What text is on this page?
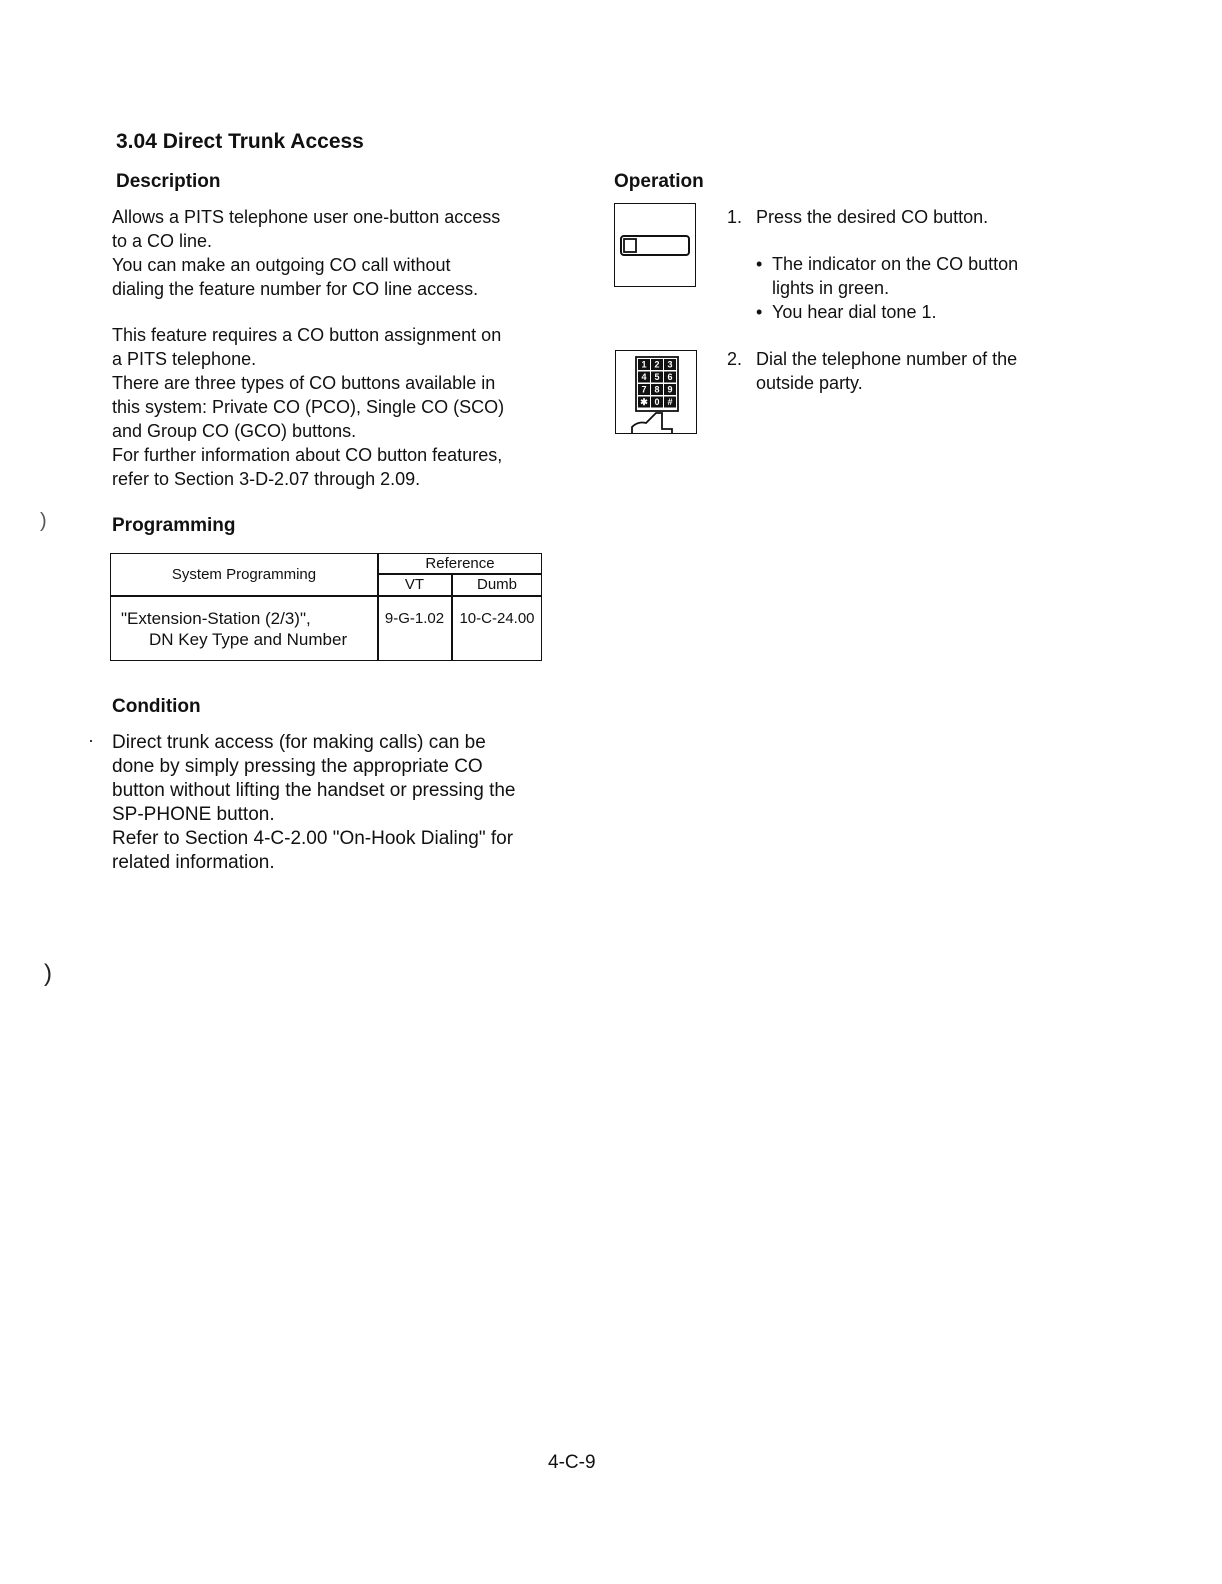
3.04 Direct Trunk Access
Description

Allows a PITS telephone user one-button access

to a CO line.

You can make an outgoing CO call without

dialing the feature number for CO line access.

This feature requires a CO button assignment on

a PITS telephone.

There are three types of CO buttons available in

this system: Private CO (PCO), Single CO (SCO)

and Group CO (GCO) buttons.

For further information about CO button features,

refer to Section 3-D-2.07 through 2.09.

Programming
System Programming
Reference
VT	Dumb
"Extension-Station (2/3)",
DN Key Type and Number
9-G-1.02	10-C-24.00
Condition
· Direct trunk access (for making calls) can be

done by simply pressing the appropriate CO

button without lifting the handset or pressing the

SP-PHONE button.

Refer to Section 4-C-2.00 "On-Hook Dialing" for

related information.

Operation
1. Press the desired CO button.
• The indicator on the CO button
lights in green.
• You hear dial tone 1.
1 2 3
4 5 6
7 8 9
✱ 0 #
2. Dial the telephone number of the
outside party.
4-C-9
)
)
